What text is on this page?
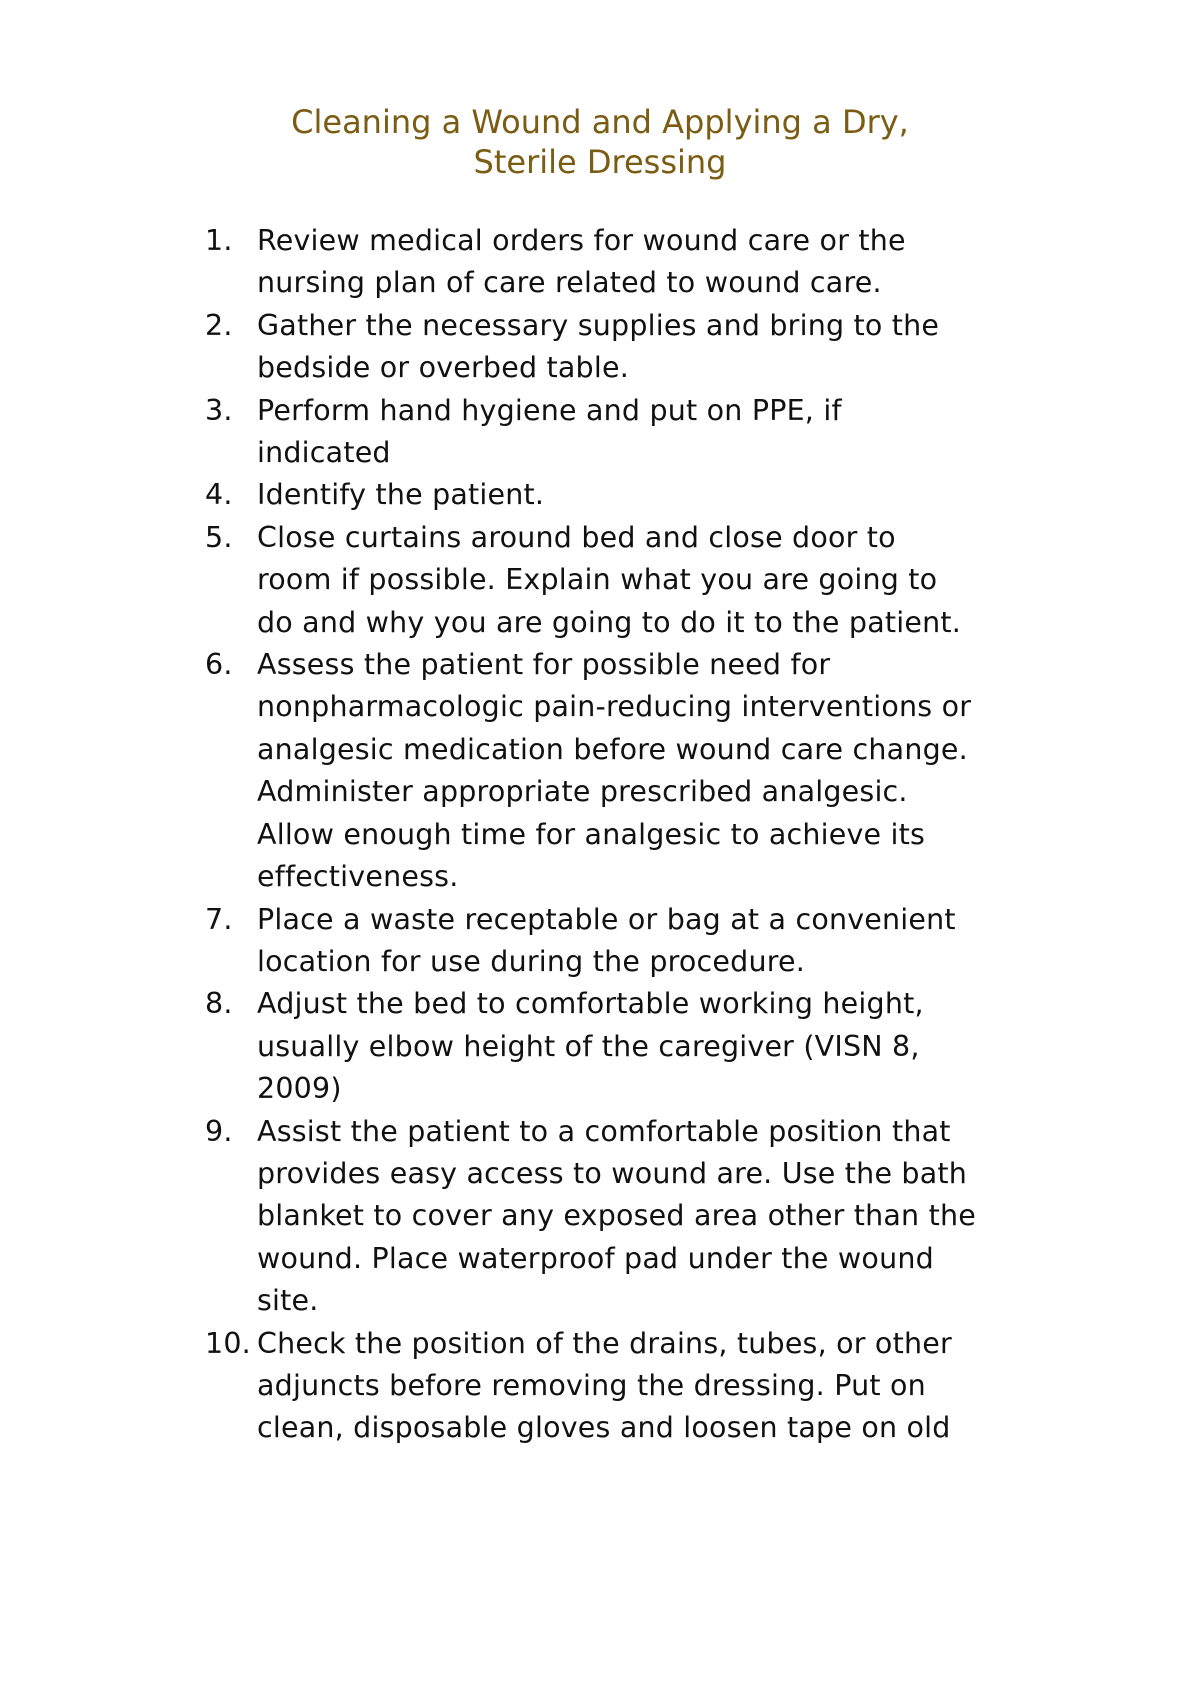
Cleaning a Wound and Applying a Dry,
Sterile Dressing
1. Review medical orders for wound care or the
nursing plan of care related to wound care.
2. Gather the necessary supplies and bring to the
bedside or overbed table.
3. Perform hand hygiene and put on PPE, if
indicated
4. Identify the patient.
5. Close curtains around bed and close door to
room if possible. Explain what you are going to
do and why you are going to do it to the patient.
6. Assess the patient for possible need for
nonpharmacologic pain-reducing interventions or
analgesic medication before wound care change.
Administer appropriate prescribed analgesic.
Allow enough time for analgesic to achieve its
effectiveness.
7. Place a waste receptable or bag at a convenient
location for use during the procedure.
8. Adjust the bed to comfortable working height,
usually elbow height of the caregiver (VISN 8,
2009)
9. Assist the patient to a comfortable position that
provides easy access to wound are. Use the bath
blanket to cover any exposed area other than the
wound. Place waterproof pad under the wound
site.
10. Check the position of the drains, tubes, or other
adjuncts before removing the dressing. Put on
clean, disposable gloves and loosen tape on old
